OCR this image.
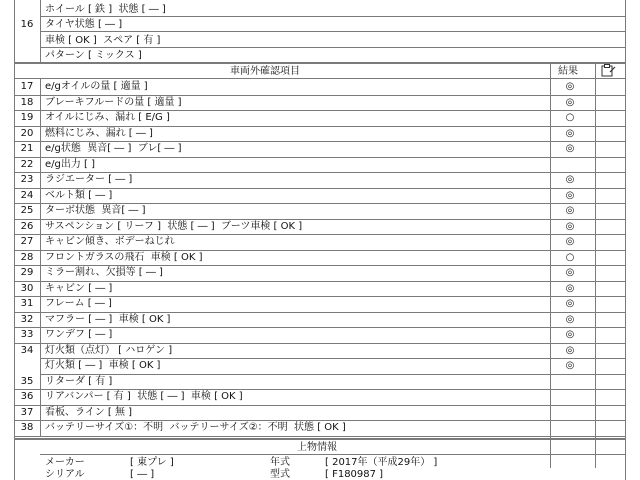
16
ホイール [ 鉄 ]  状態 [ ― ]
タイヤ状態 [ ― ]
車検 [ OK ]  スペア [ 有 ]
パターン [ ミックス ]
車両外確認項目	結果
17	e/gオイルの量 [ 適量 ]	◎
18	ブレーキフルードの量 [ 適量 ]	◎
19	オイルにじみ、漏れ [ E/G ]	○
20	燃料にじみ、漏れ [ ― ]	◎
21	e/g状態  異音[ ― ]  ブレ[ ― ]	◎
22	e/g出力 [ ]
23	ラジエーター [ ― ]	◎
24	ベルト類 [ ― ]	◎
25	ターボ状態  異音[ ― ]	◎
26	サスペンション [ リーフ ]  状態 [ ― ]  ブーツ車検 [ OK ]	◎
27	キャビン傾き、ボデーねじれ	◎
28	フロントガラスの飛石  車検 [ OK ]	○
29	ミラー割れ、欠損等 [ ― ]	◎
30	キャビン [ ― ]	◎
31	フレーム [ ― ]	◎
32	マフラー [ ― ]  車検 [ OK ]	◎
33	ワンデフ [ ― ]	◎
34	灯火類（点灯） [ ハロゲン ]	◎
灯火類 [ ― ]  車検 [ OK ]	◎
35	リターダ [ 有 ]
36	リアバンパー [ 有 ]  状態 [ ― ]  車検 [ OK ]
37	看板、ライン [ 無 ]
38	バッテリーサイズ①：不明  バッテリーサイズ②：不明  状態 [ OK ]
上物情報
メーカー	[ 東プレ ]	年式	[ 2017年（平成29年） ]
シリアル	[ ― ]	型式	[ F180987 ]
